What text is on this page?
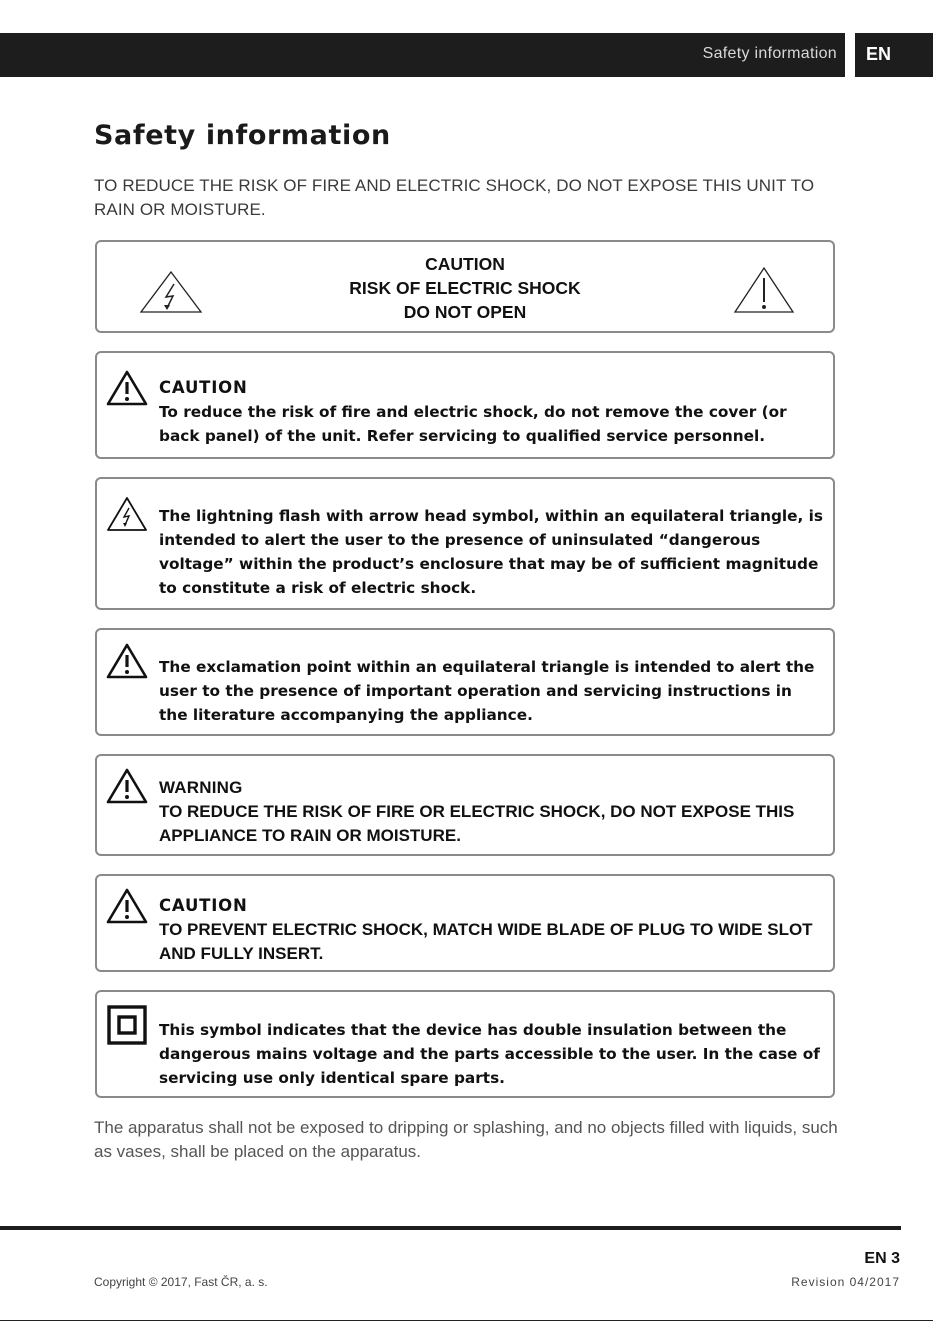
Safety information	EN
Safety information

TO REDUCE THE RISK OF FIRE AND ELECTRIC SHOCK, DO NOT EXPOSE THIS UNIT TO RAIN OR MOISTURE.

CAUTION
RISK OF ELECTRIC SHOCK
DO NOT OPEN
CAUTION
To reduce the risk of fire and electric shock, do not remove the cover (or back panel) of the unit. Refer servicing to qualified service personnel.
The lightning flash with arrow head symbol, within an equilateral triangle, is intended to alert the user to the presence of uninsulated “dangerous voltage” within the product’s enclosure that may be of sufficient magnitude to constitute a risk of electric shock.
The exclamation point within an equilateral triangle is intended to alert the user to the presence of important operation and servicing instructions in the literature accompanying the appliance.
WARNING
TO REDUCE THE RISK OF FIRE OR ELECTRIC SHOCK, DO NOT EXPOSE THIS APPLIANCE TO RAIN OR MOISTURE.
CAUTION
TO PREVENT ELECTRIC SHOCK, MATCH WIDE BLADE OF PLUG TO WIDE SLOT AND FULLY INSERT.
This symbol indicates that the device has double insulation between the dangerous mains voltage and the parts accessible to the user. In the case of servicing use only identical spare parts.

The apparatus shall not be exposed to dripping or splashing, and no objects filled with liquids, such as vases, shall be placed on the apparatus.

EN 3
Copyright © 2017, Fast ČR, a. s.	Revision 04/2017
